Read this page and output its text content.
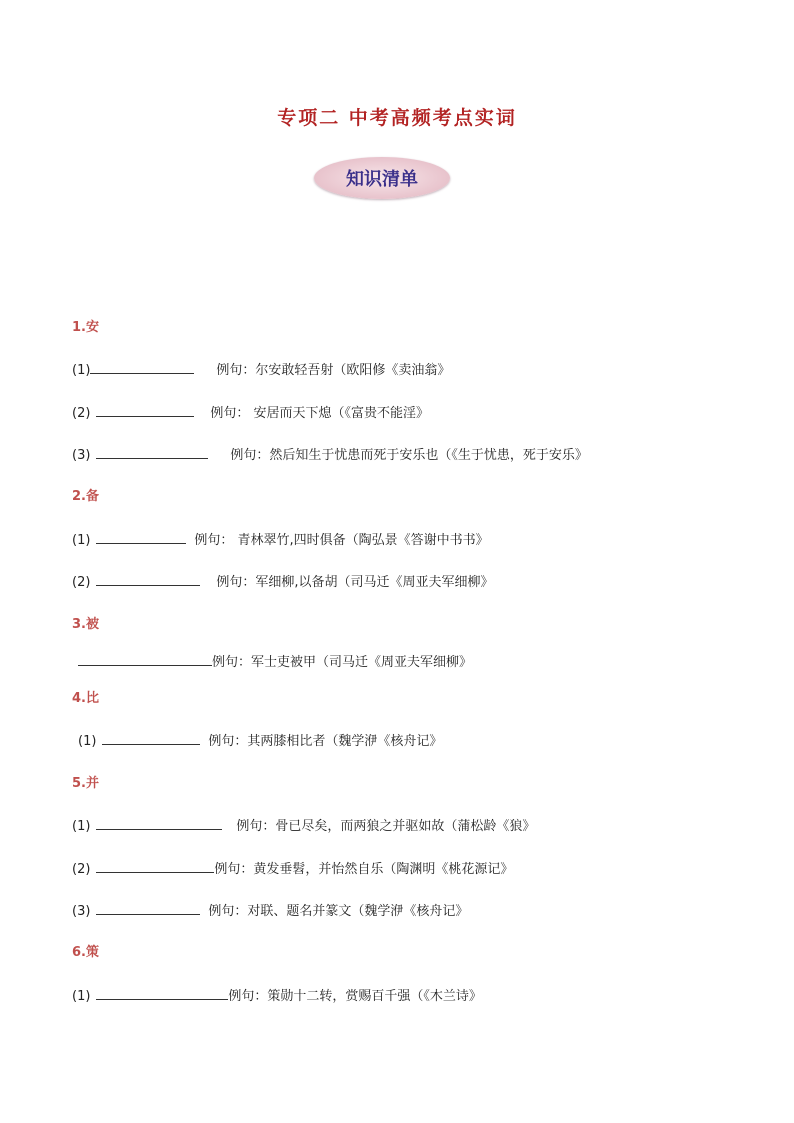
专项二 中考高频考点实词
知识清单
1.安
(1)	例句：尔安敢轻吾射（欧阳修《卖油翁》
(2)	例句： 安居而天下熄（《富贵不能淫》
(3)	例句：然后知生于忧患而死于安乐也（《生于忧患，死于安乐》
2.备
(1)	例句： 青林翠竹,四时俱备（陶弘景《答谢中书书》
(2)	例句：军细柳,以备胡（司马迁《周亚夫军细柳》
3.被
例句：军士吏被甲（司马迁《周亚夫军细柳》
4.比
(1)	例句：其两膝相比者（魏学洢《核舟记》
5.并
(1)	例句：骨已尽矣，而两狼之并驱如故（蒲松龄《狼》
(2)	例句：黄发垂髫，并怡然自乐（陶渊明《桃花源记》
(3)	例句：对联、题名并篆文（魏学洢《核舟记》
6.策
(1)	例句：策勋十二转，赏赐百千强（《木兰诗》
